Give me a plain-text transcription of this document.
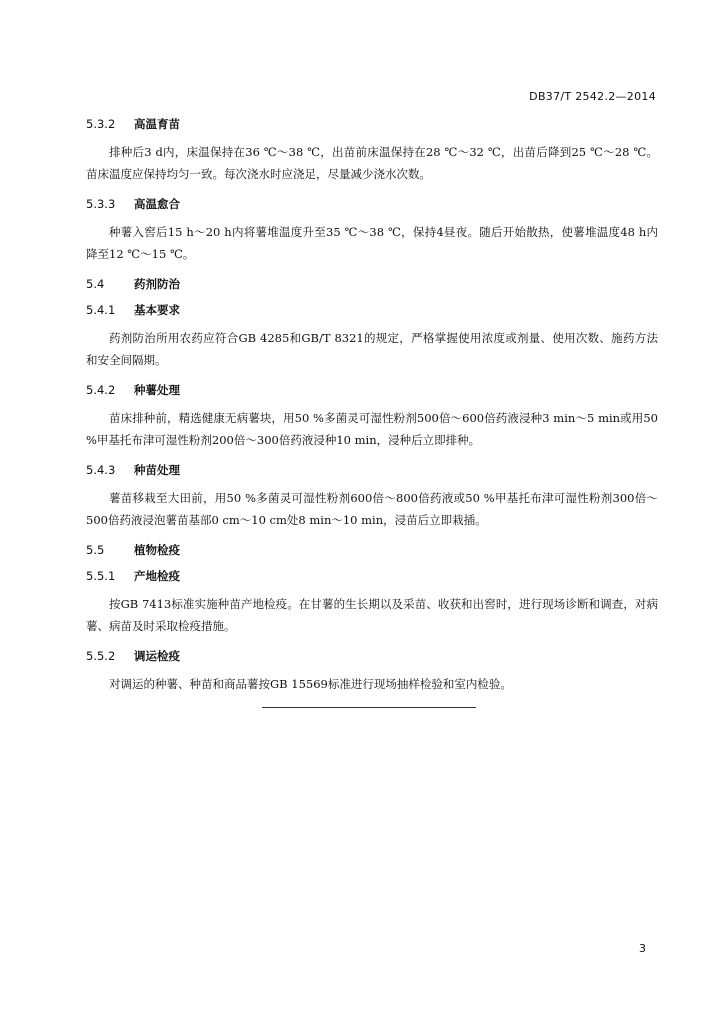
DB37/T 2542.2—2014
5.3.2 高温育苗

排种后3 d内，床温保持在36 ℃～38 ℃，出苗前床温保持在28 ℃～32 ℃，出苗后降到25 ℃～28 ℃。苗床温度应保持均匀一致。每次浇水时应浇足，尽量减少浇水次数。

5.3.3 高温愈合

种薯入窖后15 h～20 h内将薯堆温度升至35 ℃～38 ℃，保持4昼夜。随后开始散热，使薯堆温度48 h内降至12 ℃～15 ℃。

5.4	药剂防治
5.4.1 基本要求

药剂防治所用农药应符合GB 4285和GB/T 8321的规定，严格掌握使用浓度或剂量、使用次数、施药方法和安全间隔期。

5.4.2 种薯处理

苗床排种前，精选健康无病薯块，用50 %多菌灵可湿性粉剂500倍～600倍药液浸种3 min～5 min或用50 %甲基托布津可湿性粉剂200倍～300倍药液浸种10 min，浸种后立即排种。

5.4.3 种苗处理

薯苗移栽至大田前，用50 %多菌灵可湿性粉剂600倍～800倍药液或50 %甲基托布津可湿性粉剂300倍～500倍药液浸泡薯苗基部0 cm～10 cm处8 min～10 min，浸苗后立即栽插。

5.5	植物检疫
5.5.1 产地检疫

按GB 7413标准实施种苗产地检疫。在甘薯的生长期以及采苗、收获和出窖时，进行现场诊断和调查，对病薯、病苗及时采取检疫措施。

5.5.2 调运检疫

对调运的种薯、种苗和商品薯按GB 15569标准进行现场抽样检验和室内检验。

3
